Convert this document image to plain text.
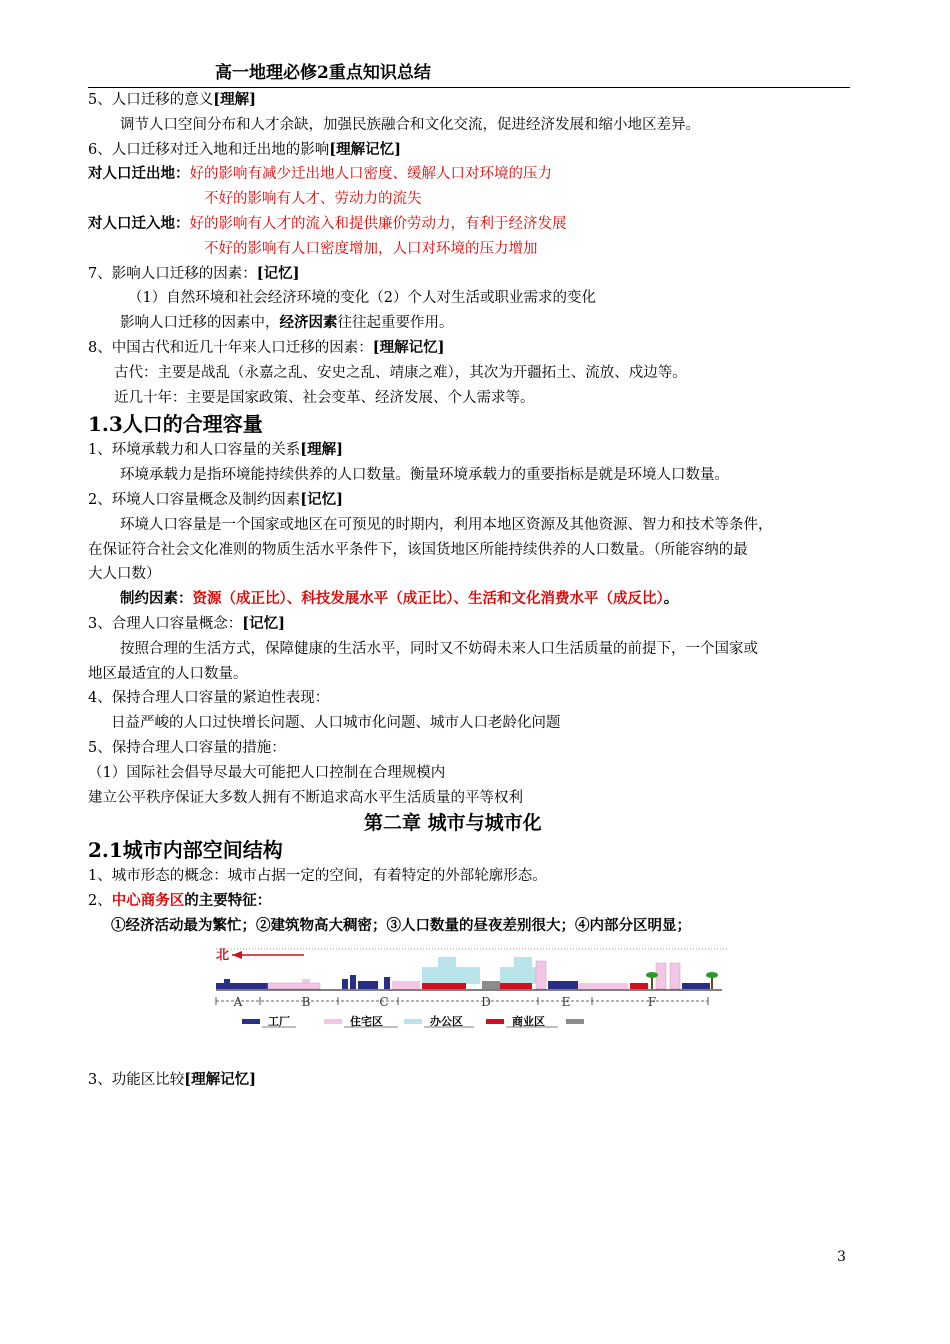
高一地理必修2重点知识总结
5、人口迁移的意义[理解]
调节人口空间分布和人才余缺，加强民族融合和文化交流，促进经济发展和缩小地区差异。
6、人口迁移对迁入地和迁出地的影响[理解记忆]
对人口迁出地：好的影响有减少迁出地人口密度、缓解人口对环境的压力
不好的影响有人才、劳动力的流失
对人口迁入地：好的影响有人才的流入和提供廉价劳动力，有利于经济发展
不好的影响有人口密度增加，人口对环境的压力增加
7、影响人口迁移的因素：[记忆]
（1）自然环境和社会经济环境的变化（2）个人对生活或职业需求的变化
影响人口迁移的因素中，经济因素往往起重要作用。
8、中国古代和近几十年来人口迁移的因素：[理解记忆]
古代：主要是战乱（永嘉之乱、安史之乱、靖康之难），其次为开疆拓土、流放、戍边等。
近几十年：主要是国家政策、社会变革、经济发展、个人需求等。
1.3人口的合理容量
1、环境承载力和人口容量的关系[理解]
环境承载力是指环境能持续供养的人口数量。衡量环境承载力的重要指标是就是环境人口数量。
2、环境人口容量概念及制约因素[记忆]
环境人口容量是一个国家或地区在可预见的时期内，利用本地区资源及其他资源、智力和技术等条件，
在保证符合社会文化准则的物质生活水平条件下，该国货地区所能持续供养的人口数量。（所能容纳的最
大人口数）
制约因素：资源（成正比）、科技发展水平（成正比）、生活和文化消费水平（成反比）。
3、合理人口容量概念：[记忆]
按照合理的生活方式，保障健康的生活水平，同时又不妨碍未来人口生活质量的前提下，一个国家或
地区最适宜的人口数量。
4、保持合理人口容量的紧迫性表现：
日益严峻的人口过快增长问题、人口城市化问题、城市人口老龄化问题
5、保持合理人口容量的措施：
（1）国际社会倡导尽最大可能把人口控制在合理规模内
建立公平秩序保证大多数人拥有不断追求高水平生活质量的平等权利
第二章 城市与城市化
2.1城市内部空间结构
1、城市形态的概念：城市占据一定的空间，有着特定的外部轮廓形态。
2、中心商务区的主要特征：
①经济活动最为繁忙；②建筑物高大稠密；③人口数量的昼夜差别很大；④内部分区明显；
北
A	B	C	D	E	F
工厂	住宅区	办公区	商业区
3、功能区比较[理解记忆]
3
